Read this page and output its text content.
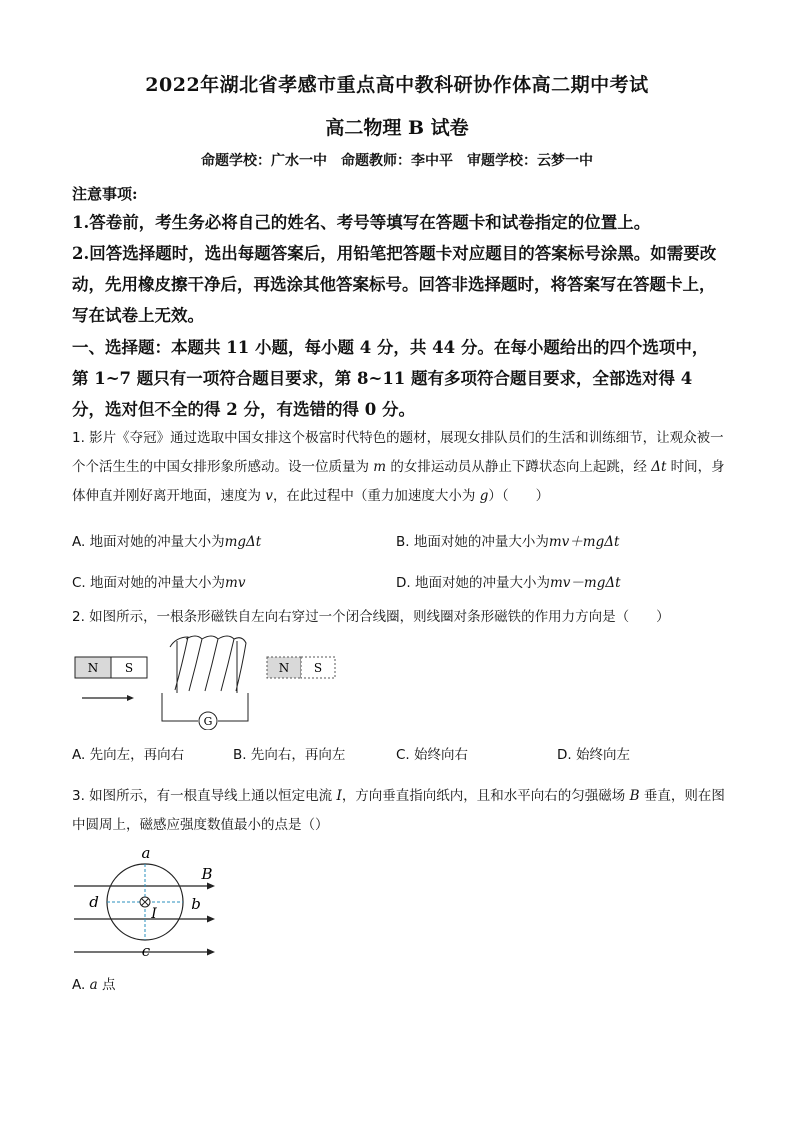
2022年湖北省孝感市重点高中教科研协作体高二期中考试
高二物理 B 试卷
命题学校：广水一中　命题教师：李中平　审题学校：云梦一中
注意事项:
1.答卷前，考生务必将自己的姓名、考号等填写在答题卡和试卷指定的位置上。
2.回答选择题时，选出每题答案后，用铅笔把答题卡对应题目的答案标号涂黑。如需要改动，先用橡皮擦干净后，再选涂其他答案标号。回答非选择题时，将答案写在答题卡上，写在试卷上无效。
一、选择题：本题共 11 小题，每小题 4 分，共 44 分。在每小题给出的四个选项中，第 1~7 题只有一项符合题目要求，第 8~11 题有多项符合题目要求，全部选对得 4 分，选对但不全的得 2 分，有选错的得 0 分。
1. 影片《夺冠》通过选取中国女排这个极富时代特色的题材，展现女排队员们的生活和训练细节，让观众被一个个活生生的中国女排形象所感动。设一位质量为 m 的女排运动员从静止下蹲状态向上起跳，经 Δt 时间，身体伸直并刚好离开地面，速度为 v，在此过程中（重力加速度大小为 g）（　　）
A. 地面对她的冲量大小为mgΔt	B. 地面对她的冲量大小为mv＋mgΔt
C. 地面对她的冲量大小为mv	D. 地面对她的冲量大小为mv－mgΔt
2. 如图所示，一根条形磁铁自左向右穿过一个闭合线圈，则线圈对条形磁铁的作用力方向是（　　）
N S
G
N S
A. 先向左，再向右	B. 先向右，再向左	C. 始终向右	D. 始终向左
3. 如图所示，有一根直导线上通以恒定电流 I，方向垂直指向纸内，且和水平向右的匀强磁场 B 垂直，则在图中圆周上，磁感应强度数值最小的点是（）
a
b
c
d
B
I
A. a 点
